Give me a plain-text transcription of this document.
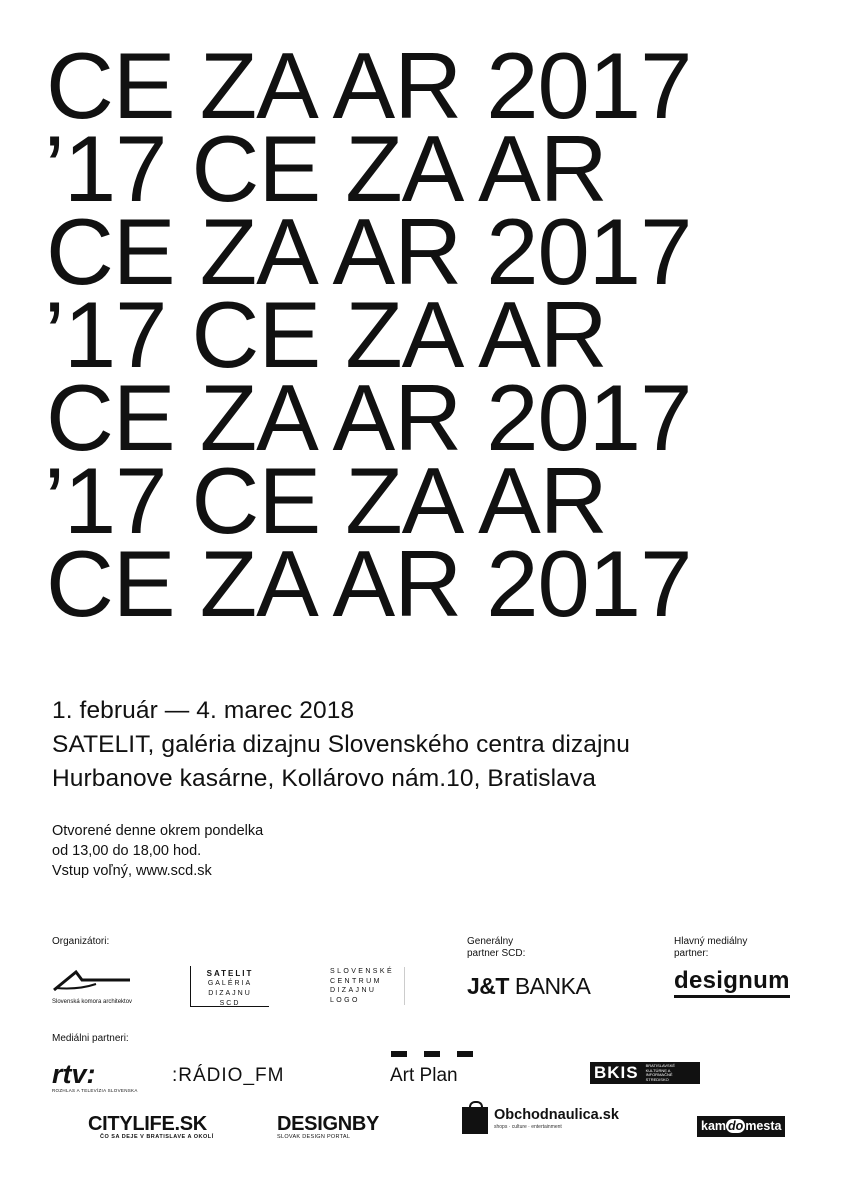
CE ZA AR 2017
’17 CE ZA AR
CE ZA AR 2017
’17 CE ZA AR
CE ZA AR 2017
’17 CE ZA AR
CE ZA AR 2017
1. február — 4. marec 2018
SATELIT, galéria dizajnu Slovenského centra dizajnu
Hurbanove kasárne, Kollárovo nám.10, Bratislava
Otvorené denne okrem pondelka
od 13,00 do 18,00 hod.
Vstup voľný, www.scd.sk
Organizátori:	Generálny
partner SCD:
Hlavný mediálny
partner:
Mediálni partneri:
Slovenská komora architektov
SATELIT
GALÉRIA
DIZAJNU
SCD
SLOVENSKÉ
CENTRUM
DIZAJNU
LOGO
J&T BANKA	designum
rtv:
ROZHLAS A TELEVÍZIA SLOVENSKA
:RÁDIO_FM	Art Plan	BKIS	BRATISLAVSKÉ KULTÚRNE A INFORMAČNÉ STREDISKO
CITYLIFE.SK
ČO SA DEJE V BRATISLAVE A OKOLÍ
DESIGNBY
SLOVAK DESIGN PORTAL
Obchodnaulica.sk
shops · culture · entertainment	kam do mesta
